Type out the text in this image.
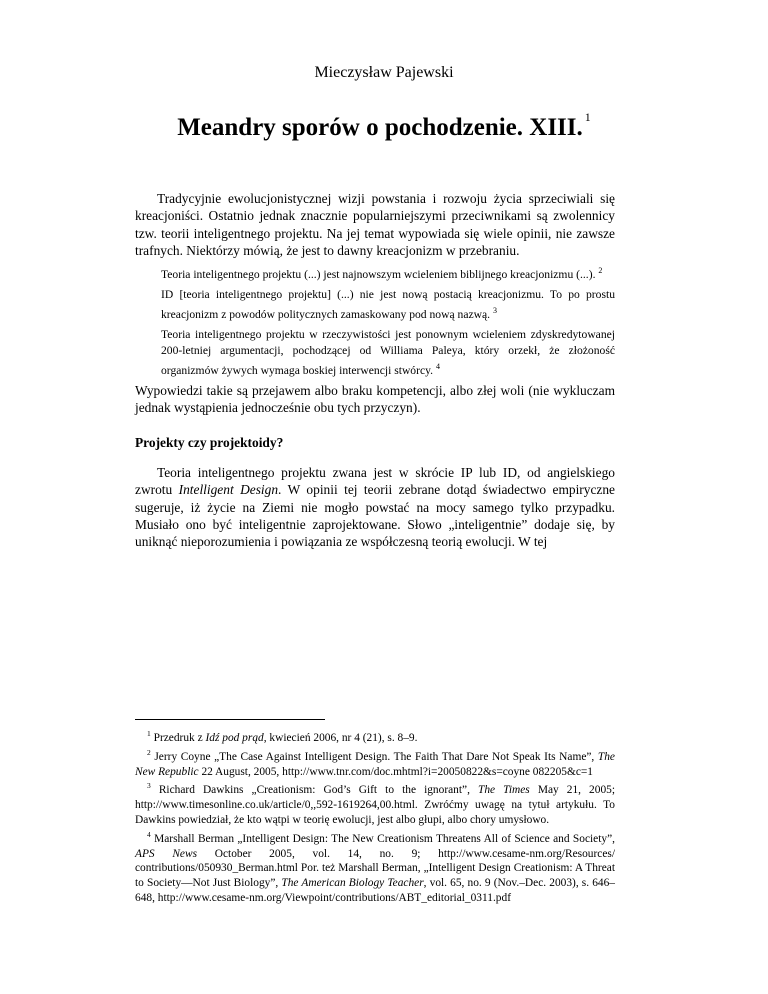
Mieczysław Pajewski
Meandry sporów o pochodzenie. XIII. $^1$

Tradycyjnie ewolucjonistycznej wizji powstania i rozwoju życia sprzeciwiali się kreacjoniści. Ostatnio jednak znacznie popularniejszymi przeciwnikami są zwolennicy tzw. teorii inteligentnego projektu. Na jej temat wypowiada się wiele opinii, nie zawsze trafnych. Niektórzy mówią, że jest to dawny kreacjonizm w przebraniu.

Teoria inteligentnego projektu (...) jest najnowszym wcieleniem biblijnego kreacjonizmu (...). $^2$

ID [teoria inteligentnego projektu] (...) nie jest nową postacią kreacjonizmu. To po prostu kreacjonizm z powodów politycznych zamaskowany pod nową nazwą. $^3$

Teoria inteligentnego projektu w rzeczywistości jest ponownym wcieleniem zdyskredytowanej 200-letniej argumentacji, pochodzącej od Williama Paleya, który orzekł, że złożoność organizmów żywych wymaga boskiej interwencji stwórcy. $^4$

Wypowiedzi takie są przejawem albo braku kompetencji, albo złej woli (nie wykluczam jednak wystąpienia jednocześnie obu tych przyczyn).

Projekty czy projektoidy?

Teoria inteligentnego projektu zwana jest w skrócie IP lub ID, od angielskiego zwrotu Intelligent Design. W opinii tej teorii zebrane dotąd świadectwo empiryczne sugeruje, iż życie na Ziemi nie mogło powstać na mocy samego tylko przypadku. Musiało ono być inteligentnie zaprojektowane. Słowo „inteligentnie” dodaje się, by uniknąć nieporozumienia i powiązania ze współczesną teorią ewolucji. W tej

$^1$ Przedruk z Idź pod prąd, kwiecień 2006, nr 4 (21), s. 8–9.

$^2$ Jerry Coyne „The Case Against Intelligent Design. The Faith That Dare Not Speak Its Name”, The New Republic 22 August, 2005, http://www.tnr.com/doc.mhtml?i=20050822&s=coyne 082205&c=1

$^3$ Richard Dawkins „Creationism: God’s Gift to the ignorant”, The Times May 21, 2005; http://www.timesonline.co.uk/article/0,,592-1619264,00.html. Zwróćmy uwagę na tytuł artykułu. To Dawkins powiedział, że kto wątpi w teorię ewolucji, jest albo głupi, albo chory umysłowo.

$^4$ Marshall Berman „Intelligent Design: The New Creationism Threatens All of Science and Society”, APS News October 2005, vol. 14, no. 9; http://www.cesame-nm.org/Resources/ contributions/050930_Berman.html Por. też Marshall Berman, „Intelligent Design Creationism: A Threat to Society—Not Just Biology”, The American Biology Teacher, vol. 65, no. 9 (Nov.–Dec. 2003), s. 646–648, http://www.cesame-nm.org/Viewpoint/contributions/ABT_editorial_0311.pdf
